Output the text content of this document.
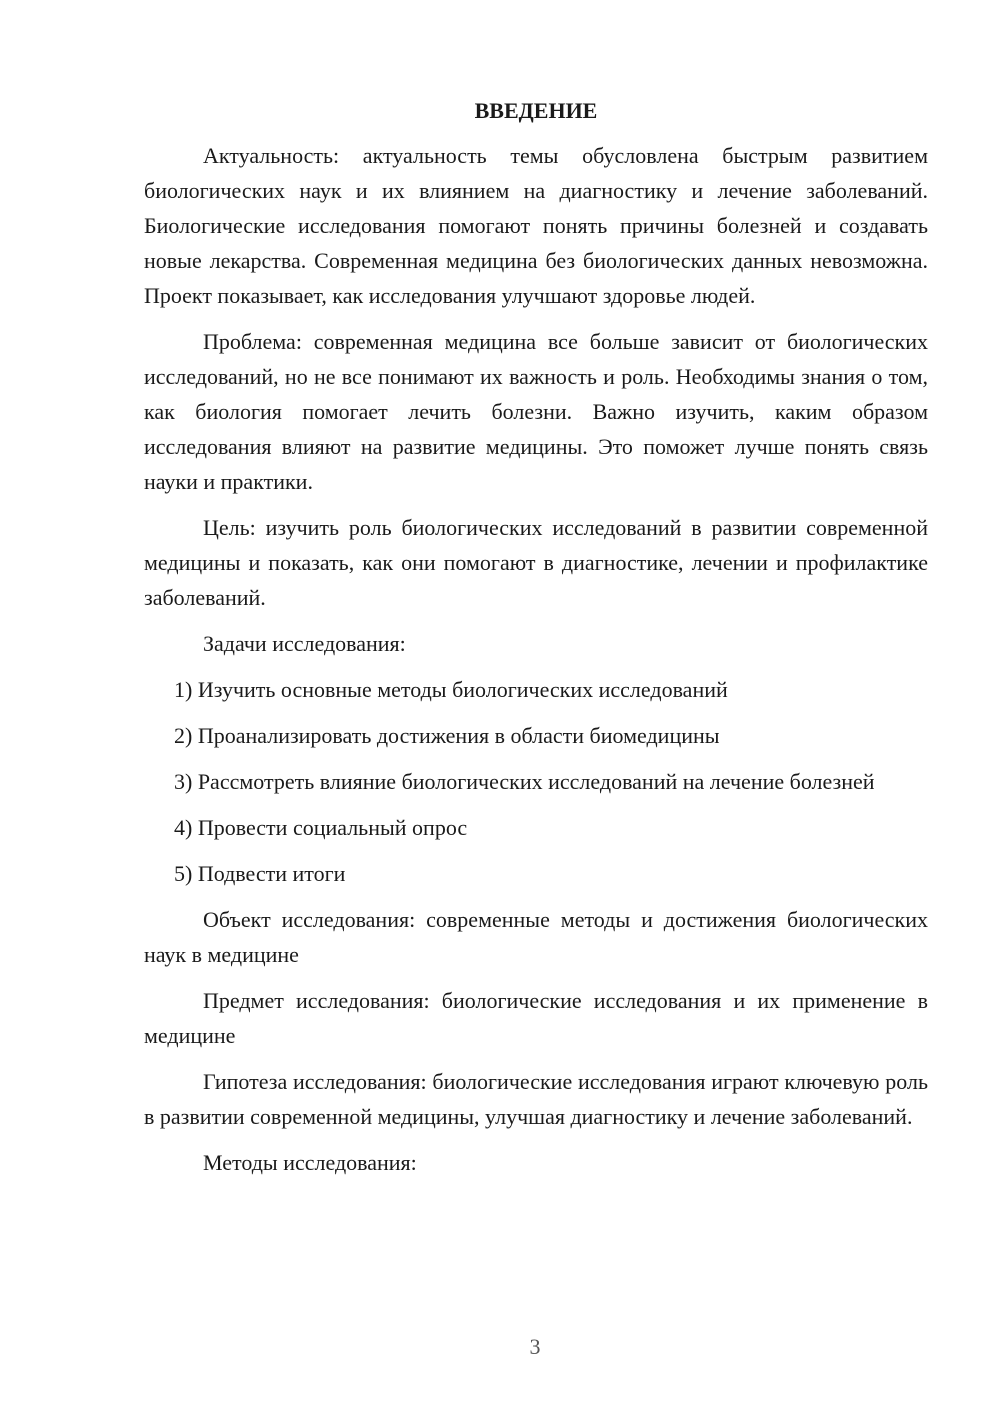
ВВЕДЕНИЕ

Актуальность: актуальность темы обусловлена быстрым развитием биологических наук и их влиянием на диагностику и лечение заболеваний. Биологические исследования помогают понять причины болезней и создавать новые лекарства. Современная медицина без биологических данных невозможна. Проект показывает, как исследования улучшают здоровье людей.

Проблема: современная медицина все больше зависит от биологических исследований, но не все понимают их важность и роль. Необходимы знания о том, как биология помогает лечить болезни. Важно изучить, каким образом исследования влияют на развитие медицины. Это поможет лучше понять связь науки и практики.

Цель: изучить роль биологических исследований в развитии современной медицины и показать, как они помогают в диагностике, лечении и профилактике заболеваний.

Задачи исследования:

1) Изучить основные методы биологических исследований

2) Проанализировать достижения в области биомедицины

3) Рассмотреть влияние биологических исследований на лечение болезней

4) Провести социальный опрос

5) Подвести итоги

Объект исследования: современные методы и достижения биологических наук в медицине

Предмет исследования: биологические исследования и их применение в медицине

Гипотеза исследования: биологические исследования играют ключевую роль в развитии современной медицины, улучшая диагностику и лечение заболеваний.

Методы исследования:

3
